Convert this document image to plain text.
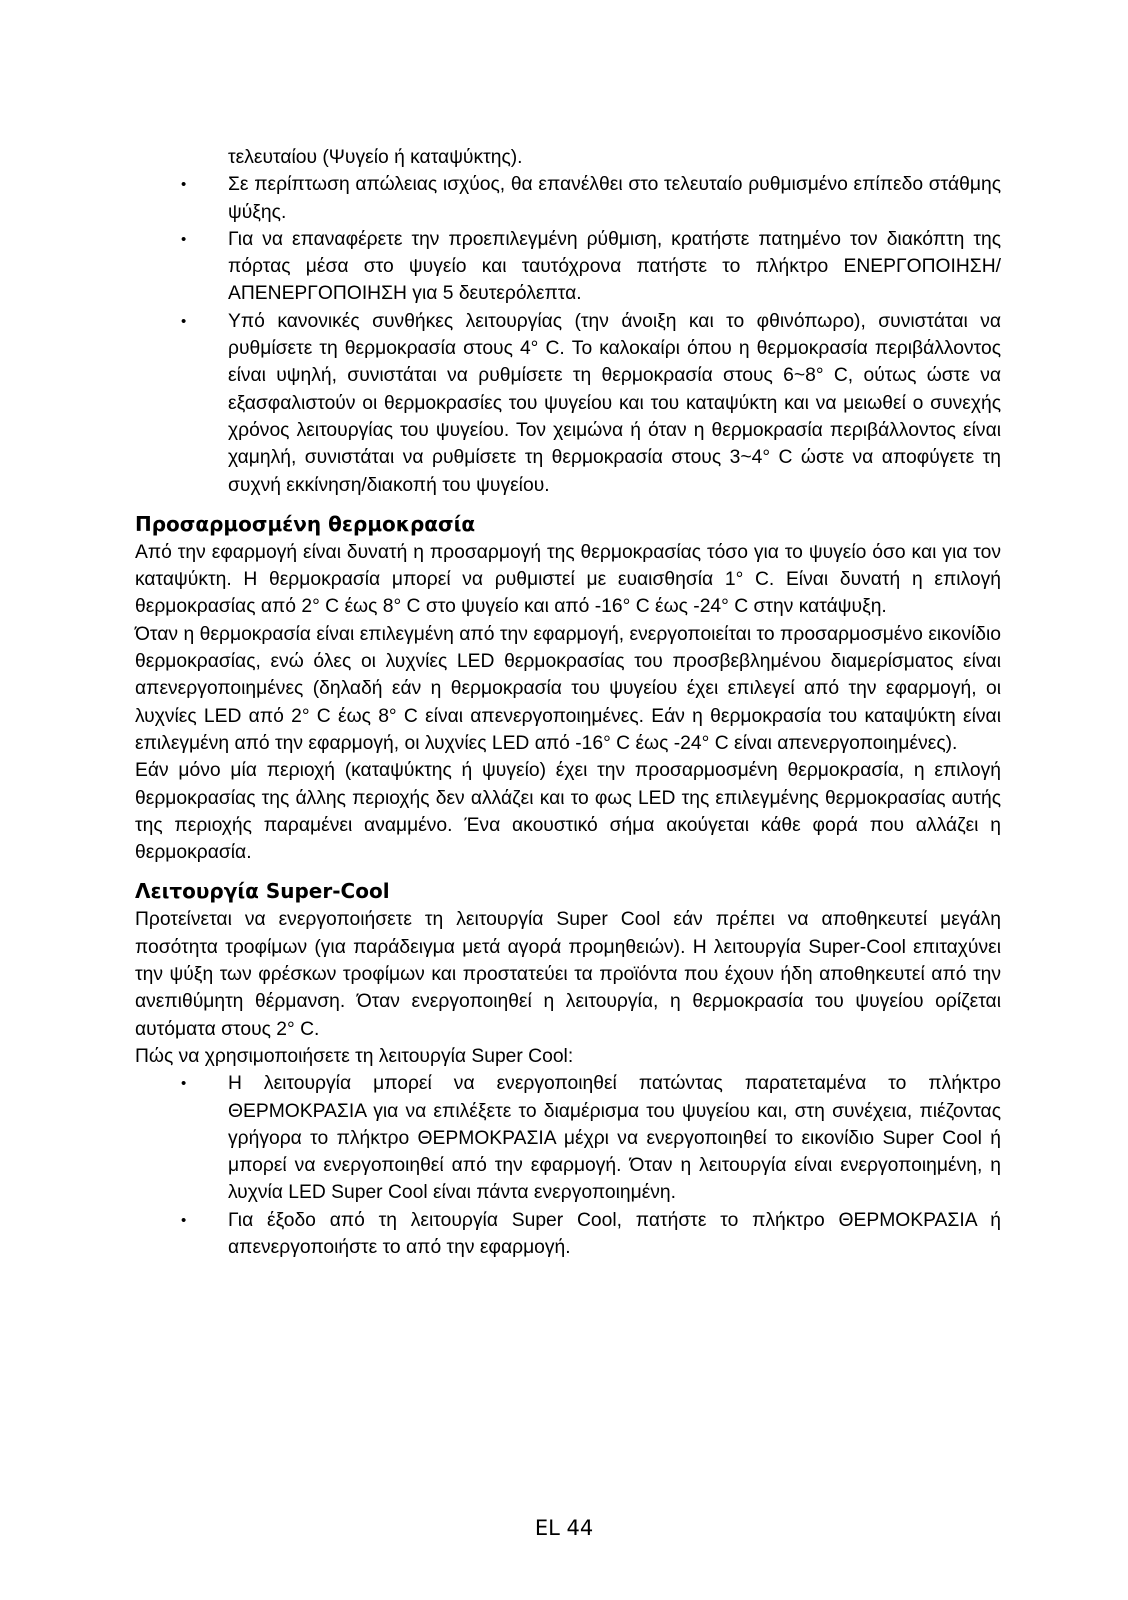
τελευταίου (Ψυγείο ή καταψύκτης).

• Σε περίπτωση απώλειας ισχύος, θα επανέλθει στο τελευταίο ρυθμισμένο επίπεδο στάθμης ψύξης.
• Για να επαναφέρετε την προεπιλεγμένη ρύθμιση, κρατήστε πατημένο τον διακόπτη της πόρτας μέσα στο ψυγείο και ταυτόχρονα πατήστε το πλήκτρο ΕΝΕΡΓΟΠΟΙΗΣΗ/ΑΠΕΝΕΡΓΟΠΟΙΗΣΗ για 5 δευτερόλεπτα.
• Υπό κανονικές συνθήκες λειτουργίας (την άνοιξη και το φθινόπωρο), συνιστάται να ρυθμίσετε τη θερμοκρασία στους 4° C. Το καλοκαίρι όπου η θερμοκρασία περιβάλλοντος είναι υψηλή, συνιστάται να ρυθμίσετε τη θερμοκρασία στους 6~8° C, ούτως ώστε να εξασφαλιστούν οι θερμοκρασίες του ψυγείου και του καταψύκτη και να μειωθεί ο συνεχής χρόνος λειτουργίας του ψυγείου. Τον χειμώνα ή όταν η θερμοκρασία περιβάλλοντος είναι χαμηλή, συνιστάται να ρυθμίσετε τη θερμοκρασία στους 3~4° C ώστε να αποφύγετε τη συχνή εκκίνηση/διακοπή του ψυγείου.
Προσαρμοσμένη θερμοκρασία

Από την εφαρμογή είναι δυνατή η προσαρμογή της θερμοκρασίας τόσο για το ψυγείο όσο και για τον καταψύκτη. Η θερμοκρασία μπορεί να ρυθμιστεί με ευαισθησία 1° C. Είναι δυνατή η επιλογή θερμοκρασίας από 2° C έως 8° C στο ψυγείο και από -16° C έως -24° C στην κατάψυξη.

Όταν η θερμοκρασία είναι επιλεγμένη από την εφαρμογή, ενεργοποιείται το προσαρμοσμένο εικονίδιο θερμοκρασίας, ενώ όλες οι λυχνίες LED θερμοκρασίας του προσβεβλημένου διαμερίσματος είναι απενεργοποιημένες (δηλαδή εάν η θερμοκρασία του ψυγείου έχει επιλεγεί από την εφαρμογή, οι λυχνίες LED από 2° C έως 8° C είναι απενεργοποιημένες. Εάν η θερμοκρασία του καταψύκτη είναι επιλεγμένη από την εφαρμογή, οι λυχνίες LED από -16° C έως -24° C είναι απενεργοποιημένες).

Εάν μόνο μία περιοχή (καταψύκτης ή ψυγείο) έχει την προσαρμοσμένη θερμοκρασία, η επιλογή θερμοκρασίας της άλλης περιοχής δεν αλλάζει και το φως LED της επιλεγμένης θερμοκρασίας αυτής της περιοχής παραμένει αναμμένο. Ένα ακουστικό σήμα ακούγεται κάθε φορά που αλλάζει η θερμοκρασία.

Λειτουργία Super-Cool

Προτείνεται να ενεργοποιήσετε τη λειτουργία Super Cool εάν πρέπει να αποθηκευτεί μεγάλη ποσότητα τροφίμων (για παράδειγμα μετά αγορά προμηθειών). Η λειτουργία Super-Cool επιταχύνει την ψύξη των φρέσκων τροφίμων και προστατεύει τα προϊόντα που έχουν ήδη αποθηκευτεί από την ανεπιθύμητη θέρμανση. Όταν ενεργοποιηθεί η λειτουργία, η θερμοκρασία του ψυγείου ορίζεται αυτόματα στους 2° C.

Πώς να χρησιμοποιήσετε τη λειτουργία Super Cool:

• Η λειτουργία μπορεί να ενεργοποιηθεί πατώντας παρατεταμένα το πλήκτρο ΘΕΡΜΟΚΡΑΣΙΑ για να επιλέξετε το διαμέρισμα του ψυγείου και, στη συνέχεια, πιέζοντας γρήγορα το πλήκτρο ΘΕΡΜΟΚΡΑΣΙΑ μέχρι να ενεργοποιηθεί το εικονίδιο Super Cool ή μπορεί να ενεργοποιηθεί από την εφαρμογή. Όταν η λειτουργία είναι ενεργοποιημένη, η λυχνία LED Super Cool είναι πάντα ενεργοποιημένη.
• Για έξοδο από τη λειτουργία Super Cool, πατήστε το πλήκτρο ΘΕΡΜΟΚΡΑΣΙΑ ή απενεργοποιήστε το από την εφαρμογή.
EL 44
